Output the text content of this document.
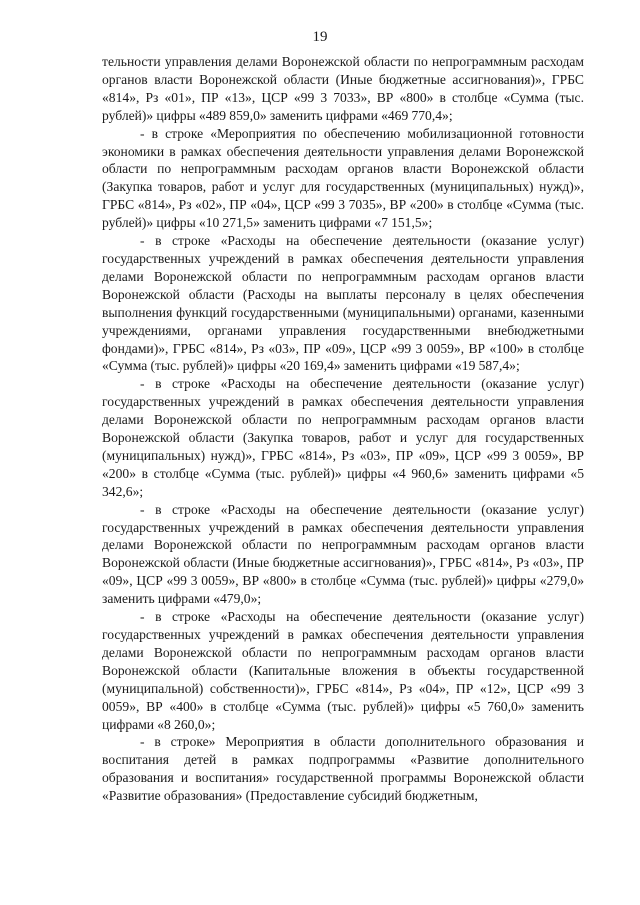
19

тельности управления делами Воронежской области по непрограммным расходам органов власти Воронежской области (Иные бюджетные ассигнования)», ГРБС «814», Рз «01», ПР «13», ЦСР «99 3 7033», ВР «800» в столбце «Сумма (тыс. рублей)» цифры «489 859,0» заменить цифрами «469 770,4»;

- в строке «Мероприятия по обеспечению мобилизационной готовности экономики в рамках обеспечения деятельности управления делами Воронежской области по непрограммным расходам органов власти Воронежской области (Закупка товаров, работ и услуг для государственных (муниципальных) нужд)», ГРБС «814», Рз «02», ПР «04», ЦСР «99 3 7035», ВР «200» в столбце «Сумма (тыс. рублей)» цифры «10 271,5» заменить цифрами «7 151,5»;

- в строке «Расходы на обеспечение деятельности (оказание услуг) государственных учреждений в рамках обеспечения деятельности управления делами Воронежской области по непрограммным расходам органов власти Воронежской области (Расходы на выплаты персоналу в целях обеспечения выполнения функций государственными (муниципальными) органами, казенными учреждениями, органами управления государственными внебюджетными фондами)», ГРБС «814», Рз «03», ПР «09», ЦСР «99 3 0059», ВР «100» в столбце «Сумма (тыс. рублей)» цифры «20 169,4» заменить цифрами «19 587,4»;

- в строке «Расходы на обеспечение деятельности (оказание услуг) государственных учреждений в рамках обеспечения деятельности управления делами Воронежской области по непрограммным расходам органов власти Воронежской области (Закупка товаров, работ и услуг для государственных (муниципальных) нужд)», ГРБС «814», Рз «03», ПР «09», ЦСР «99 3 0059», ВР «200» в столбце «Сумма (тыс. рублей)» цифры «4 960,6» заменить цифрами «5 342,6»;

- в строке «Расходы на обеспечение деятельности (оказание услуг) государственных учреждений в рамках обеспечения деятельности управления делами Воронежской области по непрограммным расходам органов власти Воронежской области (Иные бюджетные ассигнования)», ГРБС «814», Рз «03», ПР «09», ЦСР «99 3 0059», ВР «800» в столбце «Сумма (тыс. рублей)» цифры «279,0» заменить цифрами «479,0»;

- в строке «Расходы на обеспечение деятельности (оказание услуг) государственных учреждений в рамках обеспечения деятельности управления делами Воронежской области по непрограммным расходам органов власти Воронежской области (Капитальные вложения в объекты государственной (муниципальной) собственности)», ГРБС «814», Рз «04», ПР «12», ЦСР «99 3 0059», ВР «400» в столбце «Сумма (тыс. рублей)» цифры «5 760,0» заменить цифрами «8 260,0»;

- в строке» Мероприятия в области дополнительного образования и воспитания детей в рамках подпрограммы «Развитие дополнительного образования и воспитания» государственной программы Воронежской области «Развитие образования» (Предоставление субсидий бюджетным,
